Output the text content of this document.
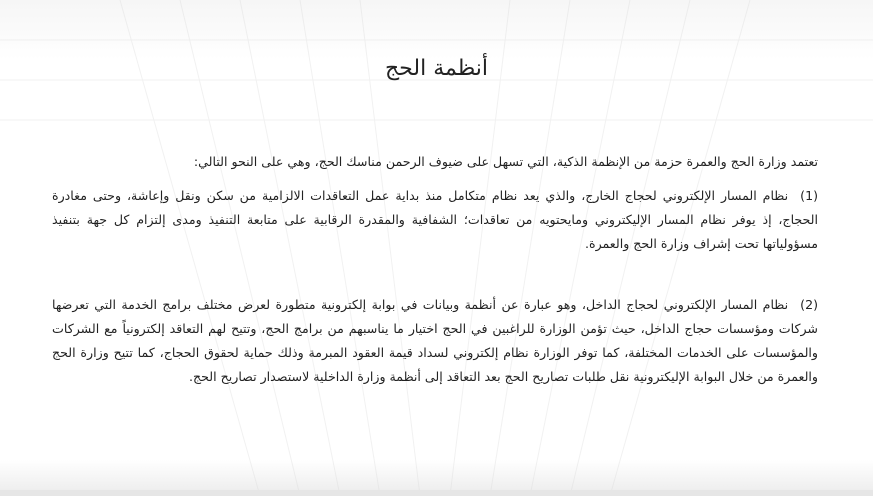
أنظمة الحج
تعتمد وزارة الحج والعمرة حزمة من الإنظمة الذكية، التي تسهل على ضيوف الرحمن مناسك الحج، وهي على النحو التالي:
(1)نظام المسار الإلكتروني لحجاج الخارج، والذي يعد نظام متكامل منذ بداية عمل التعاقدات الالزامية من سكن ونقل وإعاشة، وحتى مغادرة الحجاج، إذ يوفر نظام المسار الإليكتروني ومايحتويه من تعاقدات؛ الشفافية والمقدرة الرقابية على متابعة التنفيذ ومدى إلتزام كل جهة بتنفيذ مسؤولياتها تحت إشراف وزارة الحج والعمرة.
(2)نظام المسار الإلكتروني لحجاج الداخل، وهو عبارة عن أنظمة وبيانات في بوابة إلكترونية متطورة لعرض مختلف برامج الخدمة التي تعرضها شركات ومؤسسات حجاج الداخل، حيث تؤمن الوزارة للراغبين في الحج اختيار ما يناسبهم من برامج الحج، وتتيح لهم التعاقد إلكترونياً مع الشركات والمؤسسات على الخدمات المختلفة، كما توفر الوزارة نظام إلكتروني لسداد قيمة العقود المبرمة وذلك حماية لحقوق الحجاج، كما تتيح وزارة الحج والعمرة من خلال البوابة الإليكترونية نقل طلبات تصاريح الحج بعد التعاقد إلى أنظمة وزارة الداخلية لاستصدار تصاريح الحج.
